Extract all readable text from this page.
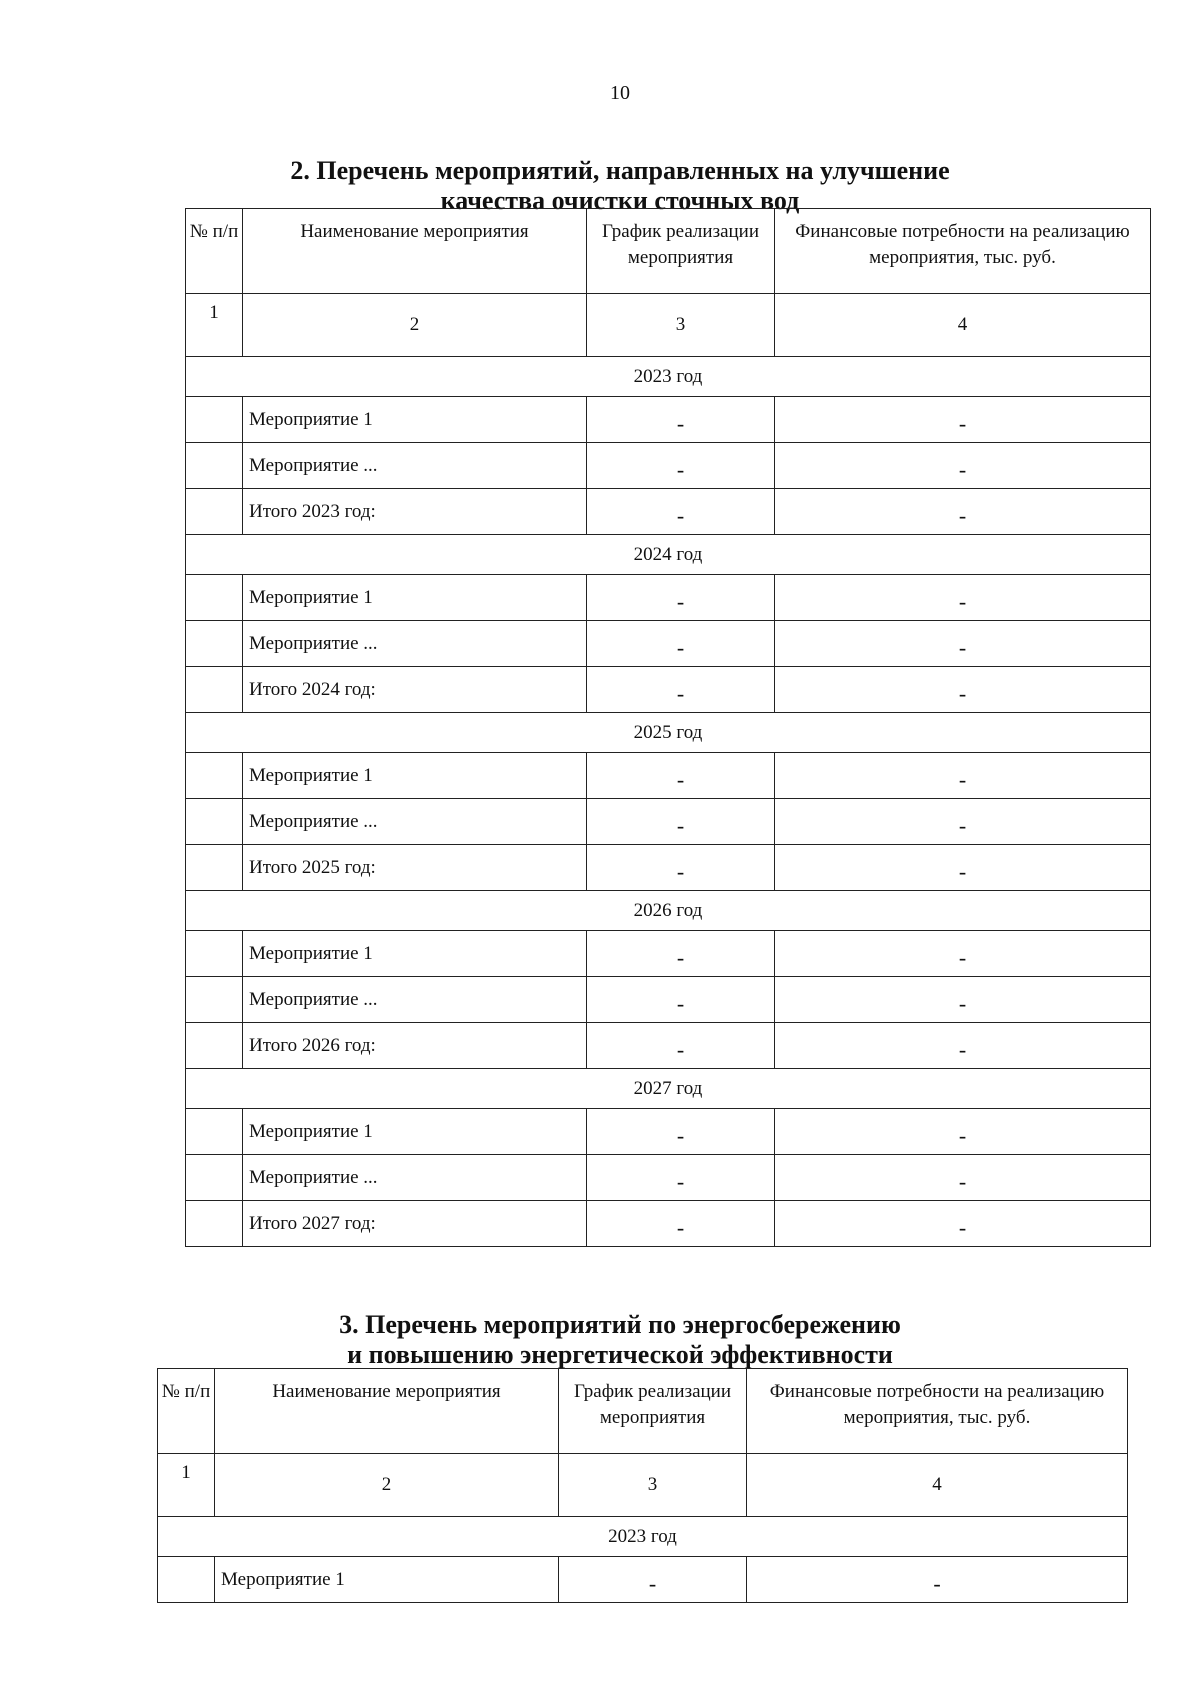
10
2. Перечень мероприятий, направленных на улучшение
качества очистки сточных вод
№ п/п	Наименование мероприятия	График реализации мероприятия	Финансовые потребности на реализацию мероприятия, тыс. руб.
1	2	3	4
2023 год			
	Мероприятие 1	-	-
	Мероприятие ...	-	-
	Итого 2023 год:	-	-
2024 год			
	Мероприятие 1	-	-
	Мероприятие ...	-	-
	Итого 2024 год:	-	-
2025 год			
	Мероприятие 1	-	-
	Мероприятие ...	-	-
	Итого 2025 год:	-	-
2026 год			
	Мероприятие 1	-	-
	Мероприятие ...	-	-
	Итого 2026 год:	-	-
2027 год			
	Мероприятие 1	-	-
	Мероприятие ...	-	-
	Итого 2027 год:	-	-
3. Перечень мероприятий по энергосбережению
и повышению энергетической эффективности
№ п/п	Наименование мероприятия	График реализации мероприятия	Финансовые потребности на реализацию мероприятия, тыс. руб.
1	2	3	4
2023 год			
	Мероприятие 1	-	-
